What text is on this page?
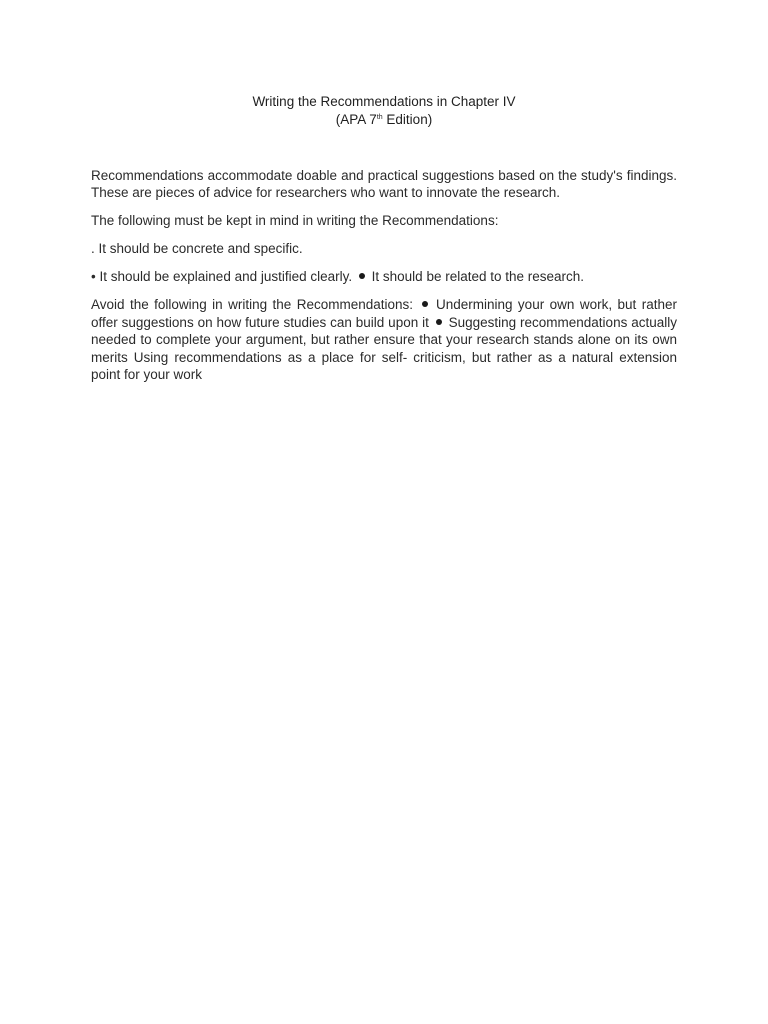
Writing the Recommendations in Chapter IV
(APA 7th Edition)

Recommendations accommodate doable and practical suggestions based on the study's findings. These are pieces of advice for researchers who want to innovate the research.

The following must be kept in mind in writing the Recommendations:

. It should be concrete and specific.

• It should be explained and justified clearly.  It should be related to the research.

Avoid the following in writing the Recommendations:  Undermining your own work, but rather offer suggestions on how future studies can build upon it  Suggesting recommendations actually needed to complete your argument, but rather ensure that your research stands alone on its own merits Using recommendations as a place for self- criticism, but rather as a natural extension point for your work
